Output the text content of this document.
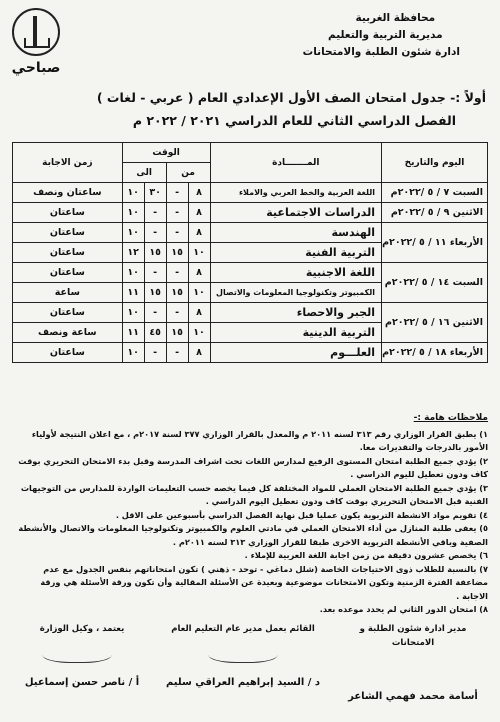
محافظة الغربية
مديرية التربية والتعليم
ادارة شئون الطلبة والامتحانات
صباحي
أولاً :- جدول امتحان الصف الأول الإعدادي العام ( عربي - لغات )
الفصل الدراسي الثاني للعام الدراسي ٢٠٢١ / ٢٠٢٢ م
اليوم والتاريخ	المـــــــادة	الوقت				زمن الاجابة
		من		الى		
السبت ٧ / ٥ /٢٠٢٢م	اللغة العربية والخط العربي والاملاء	٨	-	٣٠	١٠	ساعتان ونصف
الاثنين ٩ / ٥ /٢٠٢٢م	الدراسات الاجتماعية	٨	-	-	١٠	ساعتان
الأربعاء ١١ / ٥ /٢٠٢٢م	الهندسة	٨	-	-	١٠	ساعتان
	التربية الفنية	١٠	١٥	١٥	١٢	ساعتان
السبت ١٤ / ٥ /٢٠٢٢م	اللغة الاجنبية	٨	-	-	١٠	ساعتان
	الكمبيوتر وتكنولوجيا المعلومات والاتصال	١٠	١٥	١٥	١١	ساعة
الاثنين ١٦ / ٥ /٢٠٢٢م	الجبر والاحصاء	٨	-	-	١٠	ساعتان
	التربية الدينية	١٠	١٥	٤٥	١١	ساعة ونصف
الأربعاء ١٨ / ٥ /٢٠٢٢م	العلـــوم	٨	-	-	١٠	ساعتان
ملاحظات هامة :-

١) يطبق القرار الوزاري رقم ٣١٣ لسنه ٢٠١١ م والمعدل بالقرار الوزاري ٣٧٧ لسنة ٢٠١٧م ، مع اعلان النتيجة لأولياء الأمور بالدرجات والتقديرات معا.

٢) يؤدي جميع الطلبة امتحان المستوى الرفيع لمدارس اللغات تحت اشراف المدرسة وقبل بدء الامتحان التحريري بوقت كاف ودون تعطيل لليوم الدراسي .

٣) يؤدي جميع الطلبة الامتحان العملي للمواد المختلفة كل فيما يخصه حسب التعليمات الواردة للمدارس من التوجيهات الفنية قبل الامتحان التحريري بوقت كاف ودون تعطيل اليوم الدراسي .

٤) تقويم مواد الانشطة التربوية يكون عمليا قبل نهاية الفصل الدراسي بأسبوعين على الاقل .

٥) يعفى طلبة المنازل من أداء الامتحان العملي في مادتي العلوم والكمبيوتر وتكنولوجيا المعلومات والاتصال والأنشطة الصفية وباقي الأنشطة التربوية الاخرى طبقا للقرار الوزاري ٣١٣ لسنه ٢٠١١م .

٦) يخصص عشرون دقيقة من زمن اجابة اللغة العربية للإملاء .

٧) بالنسبة للطلاب ذوى الاحتياجات الخاصة (شلل دماغي - توحد - ذهني ) تكون امتحاناتهم بنفس الجدول مع عدم مضاعفة الفترة الزمنية وتكون الامتحانات موضوعية وبعيدة عن الأسئلة المقالية وأن تكون ورقة الأسئلة هي ورقة الاجابة .

٨) امتحان الدور الثاني لم يحدد موعده بعد.

مدير ادارة شئون الطلبة و الامتحانات
أسامة محمد فهمي الشاعر
القائم بعمل مدير عام التعليم العام
د / السيد إبراهيم العراقي سليم
يعتمد ، وكيل الوزارة
أ / ناصر حسن إسماعيل
